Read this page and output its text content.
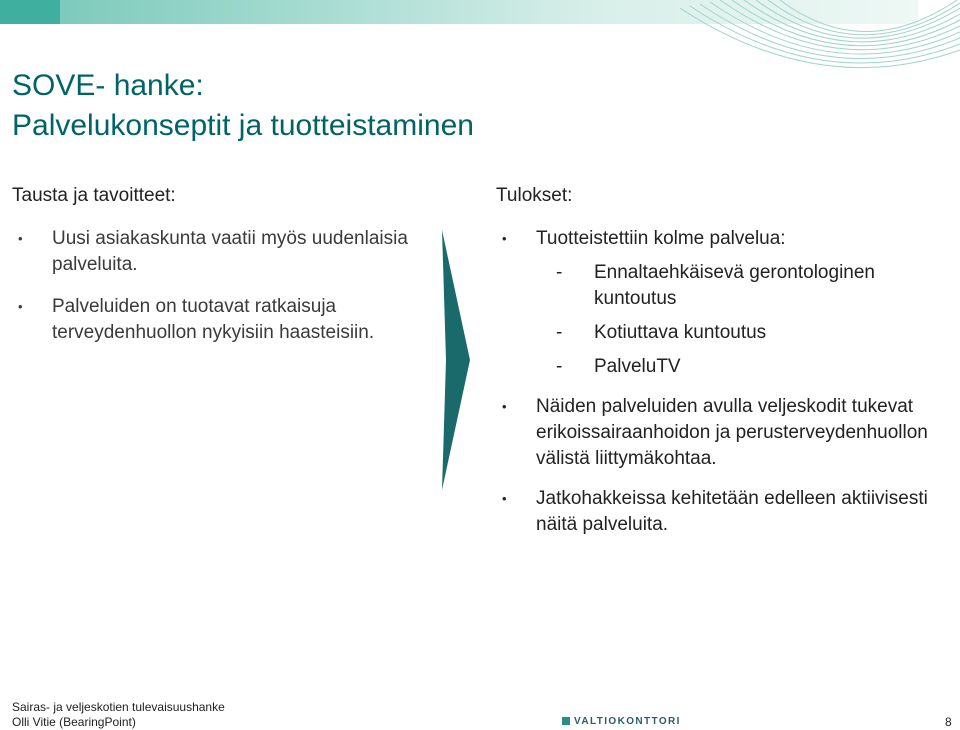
SOVE- hanke:
Palvelukonseptit ja tuotteistaminen
Tausta ja tavoitteet:
• Uusi asiakaskunta vaatii myös uudenlaisia palveluita.
• Palveluiden on tuotavat ratkaisuja terveydenhuollon nykyisiin haasteisiin.
Tulokset:
• Tuotteistettiin kolme palvelua:
- Ennaltaehkäisevä gerontologinen kuntoutus
- Kotiuttava kuntoutus
- PalveluTV
• Näiden palveluiden avulla veljeskodit tukevat erikoissairaanhoidon ja perusterveydenhuollon välistä liittymäkohtaa.
• Jatkohakkeissa kehitetään edelleen aktiivisesti näitä palveluita.
Sairas- ja veljeskotien tulevaisuushanke
Olli Vitie (BearingPoint)	VALTIOKONTTORI	8
